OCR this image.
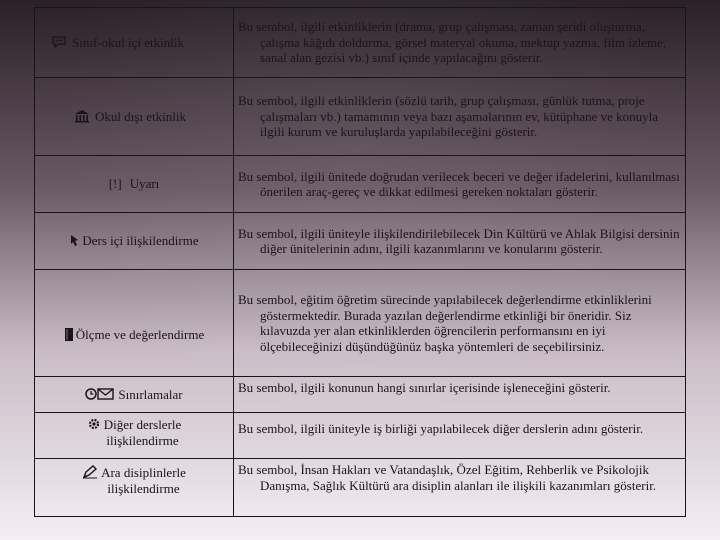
Sınıf-okul içi etkinlik	Bu sembol, ilgili etkinliklerin (drama, grup çalışması, zaman şeridi oluşturma, çalışma kâğıdı doldurma, görsel materyal okuma, mektup yazma, film izleme, sanal alan gezisi vb.) sınıf içinde yapılacağını gösterir.

Okul dışı etkinlik	Bu sembol, ilgili etkinliklerin (sözlü tarih, grup çalışması, günlük tutma, proje çalışmaları vb.) tamamının veya bazı aşamalarının ev, kütüphane ve konuyla ilgili kurum ve kuruluşlarda yapılabileceğini gösterir.

[!] Uyarı	Bu sembol, ilgili ünitede doğrudan verilecek beceri ve değer ifadelerini, kullanılması önerilen araç-gereç ve dikkat edilmesi gereken noktaları gösterir.

Ders içi ilişkilendirme	Bu sembol, ilgili üniteyle ilişkilendirilebilecek Din Kültürü ve Ahlak Bilgisi dersinin diğer ünitelerinin adını, ilgili kazanımlarını ve konularını gösterir.

Ölçme ve değerlendirme	Bu sembol, eğitim öğretim sürecinde yapılabilecek değerlendirme etkinliklerini göstermektedir. Burada yazılan değerlendirme etkinliği bir öneridir. Siz kılavuzda yer alan etkinliklerden öğrencilerin performansını en iyi ölçebileceğinizi düşündüğünüz başka yöntemleri de seçebilirsiniz.

Sınırlamalar	Bu sembol, ilgili konunun hangi sınırlar içerisinde işleneceğini gösterir.

Diğer derslerle
ilişkilendirme	Bu sembol, ilgili üniteyle iş birliği yapılabilecek diğer derslerin adını gösterir.

Ara disiplinlerle
ilişkilendirme	Bu sembol, İnsan Hakları ve Vatandaşlık, Özel Eğitim, Rehberlik ve Psikolojik Danışma, Sağlık Kültürü ara disiplin alanları ile ilişkili kazanımları gösterir.
